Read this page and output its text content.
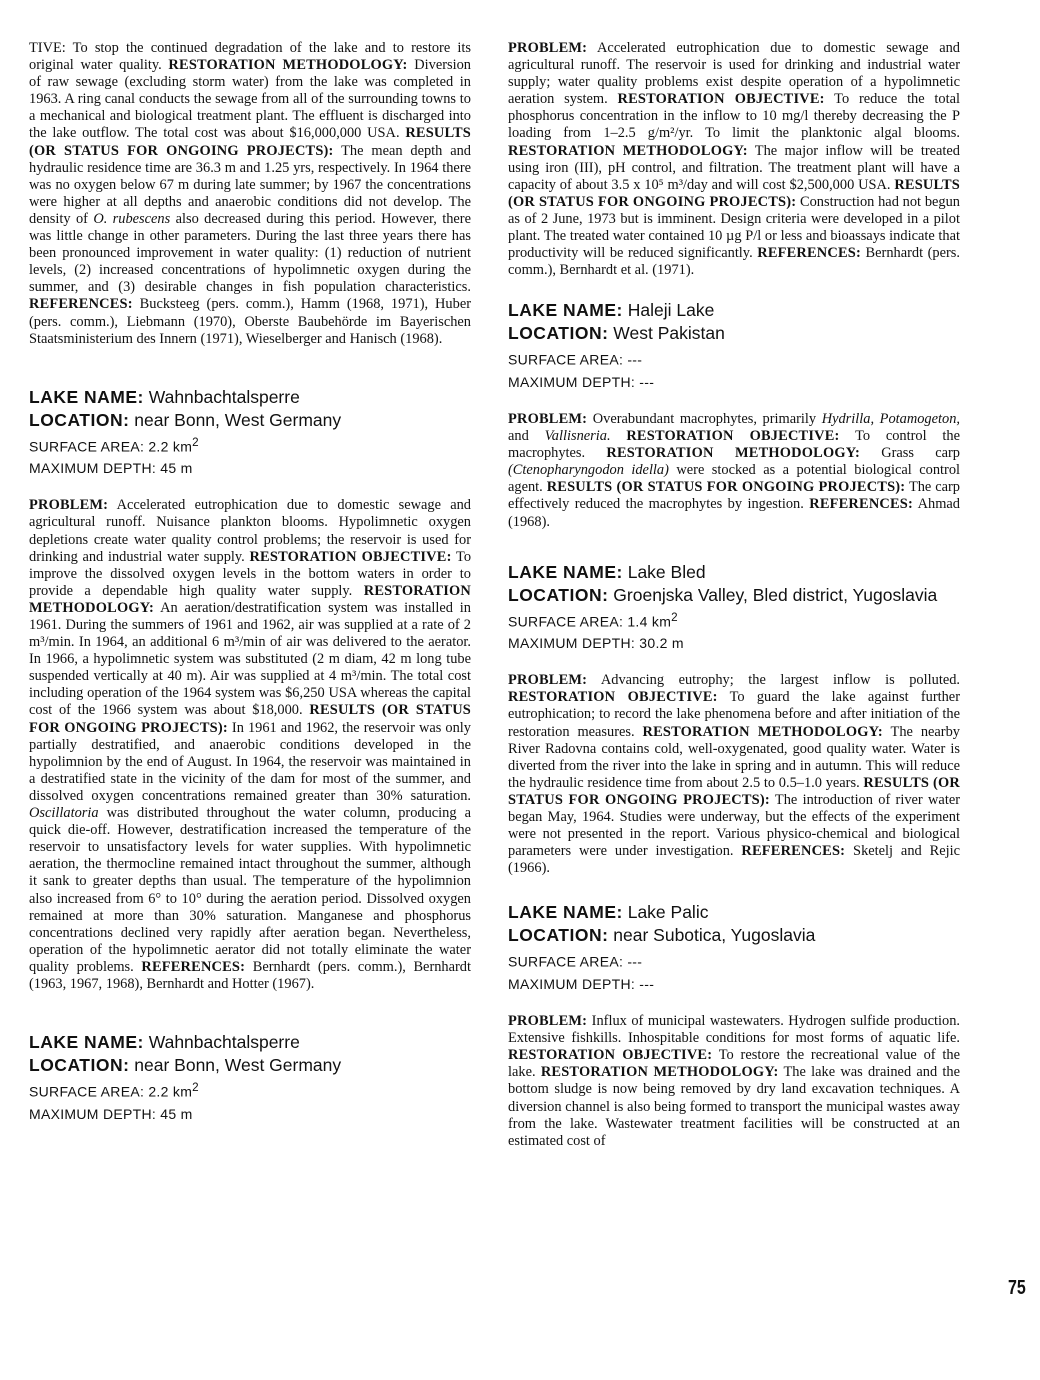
TIVE: To stop the continued degradation of the lake and to restore its original water quality. RESTORATION METHODOLOGY: Diversion of raw sewage (excluding storm water) from the lake was completed in 1963. A ring canal conducts the sewage from all of the surrounding towns to a mechanical and biological treatment plant. The effluent is discharged into the lake outflow. The total cost was about $16,000,000 USA. RESULTS (OR STATUS FOR ONGOING PROJECTS): The mean depth and hydraulic residence time are 36.3 m and 1.25 yrs, respectively. In 1964 there was no oxygen below 67 m during late summer; by 1967 the concentrations were higher at all depths and anaerobic conditions did not develop. The density of O. rubescens also decreased during this period. However, there was little change in other parameters. During the last three years there has been pronounced improvement in water quality: (1) reduction of nutrient levels, (2) increased concentrations of hypolimnetic oxygen during the summer, and (3) desirable changes in fish population characteristics. REFERENCES: Bucksteeg (pers. comm.), Hamm (1968, 1971), Huber (pers. comm.), Liebmann (1970), Oberste Baubehörde im Bayerischen Staatsministerium des Innern (1971), Wieselberger and Hanisch (1968).

LAKE NAME: Wahnbachtalsperre
LOCATION: near Bonn, West Germany
SURFACE AREA: 2.2 $km^2$
MAXIMUM DEPTH: 45 m

PROBLEM: Accelerated eutrophication due to domestic sewage and agricultural runoff. Nuisance plankton blooms. Hypolimnetic oxygen depletions create water quality control problems; the reservoir is used for drinking and industrial water supply. RESTORATION OBJECTIVE: To improve the dissolved oxygen levels in the bottom waters in order to provide a dependable high quality water supply. RESTORATION METHODOLOGY: An aeration/destratification system was installed in 1961. During the summers of 1961 and 1962, air was supplied at a rate of 2 m³/min. In 1964, an additional 6 m³/min of air was delivered to the aerator. In 1966, a hypolimnetic system was substituted (2 m diam, 42 m long tube suspended vertically at 40 m). Air was supplied at 4 m³/min. The total cost including operation of the 1964 system was $6,250 USA whereas the capital cost of the 1966 system was about $18,000. RESULTS (OR STATUS FOR ONGOING PROJECTS): In 1961 and 1962, the reservoir was only partially destratified, and anaerobic conditions developed in the hypolimnion by the end of August. In 1964, the reservoir was maintained in a destratified state in the vicinity of the dam for most of the summer, and dissolved oxygen concentrations remained greater than 30% saturation. Oscillatoria was distributed throughout the water column, producing a quick die-off. However, destratification increased the temperature of the reservoir to unsatisfactory levels for water supplies. With hypolimnetic aeration, the thermocline remained intact throughout the summer, although it sank to greater depths than usual. The temperature of the hypolimnion also increased from 6° to 10° during the aeration period. Dissolved oxygen remained at more than 30% saturation. Manganese and phosphorus concentrations declined very rapidly after aeration began. Nevertheless, operation of the hypolimnetic aerator did not totally eliminate the water quality problems. REFERENCES: Bernhardt (pers. comm.), Bernhardt (1963, 1967, 1968), Bernhardt and Hotter (1967).

LAKE NAME: Wahnbachtalsperre
LOCATION: near Bonn, West Germany
SURFACE AREA: 2.2 $km^2$
MAXIMUM DEPTH: 45 m

PROBLEM: Accelerated eutrophication due to domestic sewage and agricultural runoff. The reservoir is used for drinking and industrial water supply; water quality problems exist despite operation of a hypolimnetic aeration system. RESTORATION OBJECTIVE: To reduce the total phosphorus concentration in the inflow to 10 mg/l thereby decreasing the P loading from 1–2.5 g/m²/yr. To limit the planktonic algal blooms. RESTORATION METHODOLOGY: The major inflow will be treated using iron (III), pH control, and filtration. The treatment plant will have a capacity of about 3.5 x 10⁵ m³/day and will cost $2,500,000 USA. RESULTS (OR STATUS FOR ONGOING PROJECTS): Construction had not begun as of 2 June, 1973 but is imminent. Design criteria were developed in a pilot plant. The treated water contained 10 µg P/l or less and bioassays indicate that productivity will be reduced significantly. REFERENCES: Bernhardt (pers. comm.), Bernhardt et al. (1971).

LAKE NAME: Haleji Lake
LOCATION: West Pakistan
SURFACE AREA: ---
MAXIMUM DEPTH: ---

PROBLEM: Overabundant macrophytes, primarily Hydrilla, Potamogeton, and Vallisneria. RESTORATION OBJECTIVE: To control the macrophytes. RESTORATION METHODOLOGY: Grass carp (Ctenopharyngodon idella) were stocked as a potential biological control agent. RESULTS (OR STATUS FOR ONGOING PROJECTS): The carp effectively reduced the macrophytes by ingestion. REFERENCES: Ahmad (1968).

LAKE NAME: Lake Bled
LOCATION: Groenjska Valley, Bled district, Yugoslavia
SURFACE AREA: 1.4 $km^2$
MAXIMUM DEPTH: 30.2 m

PROBLEM: Advancing eutrophy; the largest inflow is polluted. RESTORATION OBJECTIVE: To guard the lake against further eutrophication; to record the lake phenomena before and after initiation of the restoration measures. RESTORATION METHODOLOGY: The nearby River Radovna contains cold, well-oxygenated, good quality water. Water is diverted from the river into the lake in spring and in autumn. This will reduce the hydraulic residence time from about 2.5 to 0.5–1.0 years. RESULTS (OR STATUS FOR ONGOING PROJECTS): The introduction of river water began May, 1964. Studies were underway, but the effects of the experiment were not presented in the report. Various physico-chemical and biological parameters were under investigation. REFERENCES: Sketelj and Rejic (1966).

LAKE NAME: Lake Palic
LOCATION: near Subotica, Yugoslavia
SURFACE AREA: ---
MAXIMUM DEPTH: ---

PROBLEM: Influx of municipal wastewaters. Hydrogen sulfide production. Extensive fishkills. Inhospitable conditions for most forms of aquatic life. RESTORATION OBJECTIVE: To restore the recreational value of the lake. RESTORATION METHODOLOGY: The lake was drained and the bottom sludge is now being removed by dry land excavation techniques. A diversion channel is also being formed to transport the municipal wastes away from the lake. Wastewater treatment facilities will be constructed at an estimated cost of

75
